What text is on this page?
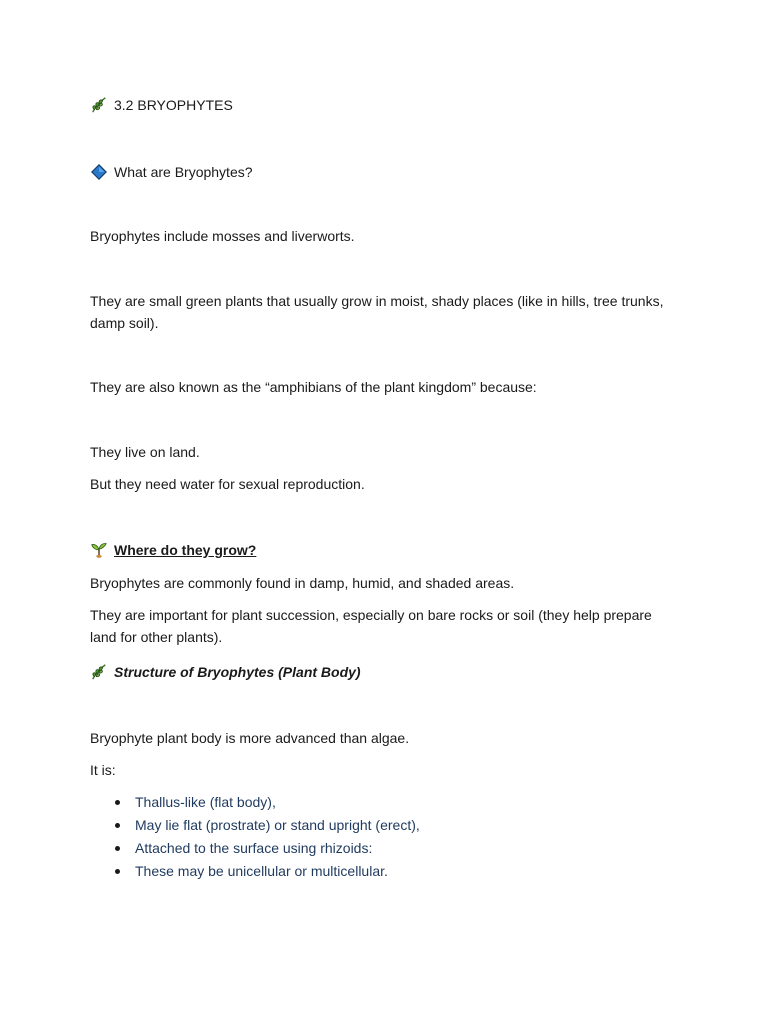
3.2 BRYOPHYTES
What are Bryophytes?
Bryophytes include mosses and liverworts.
They are small green plants that usually grow in moist, shady places (like in hills, tree trunks, damp soil).
They are also known as the “amphibians of the plant kingdom” because:
They live on land.
But they need water for sexual reproduction.
Where do they grow?
Bryophytes are commonly found in damp, humid, and shaded areas.
They are important for plant succession, especially on bare rocks or soil (they help prepare land for other plants).
Structure of Bryophytes (Plant Body)
Bryophyte plant body is more advanced than algae.
It is:
Thallus-like (flat body),
May lie flat (prostrate) or stand upright (erect),
Attached to the surface using rhizoids:
These may be unicellular or multicellular.
